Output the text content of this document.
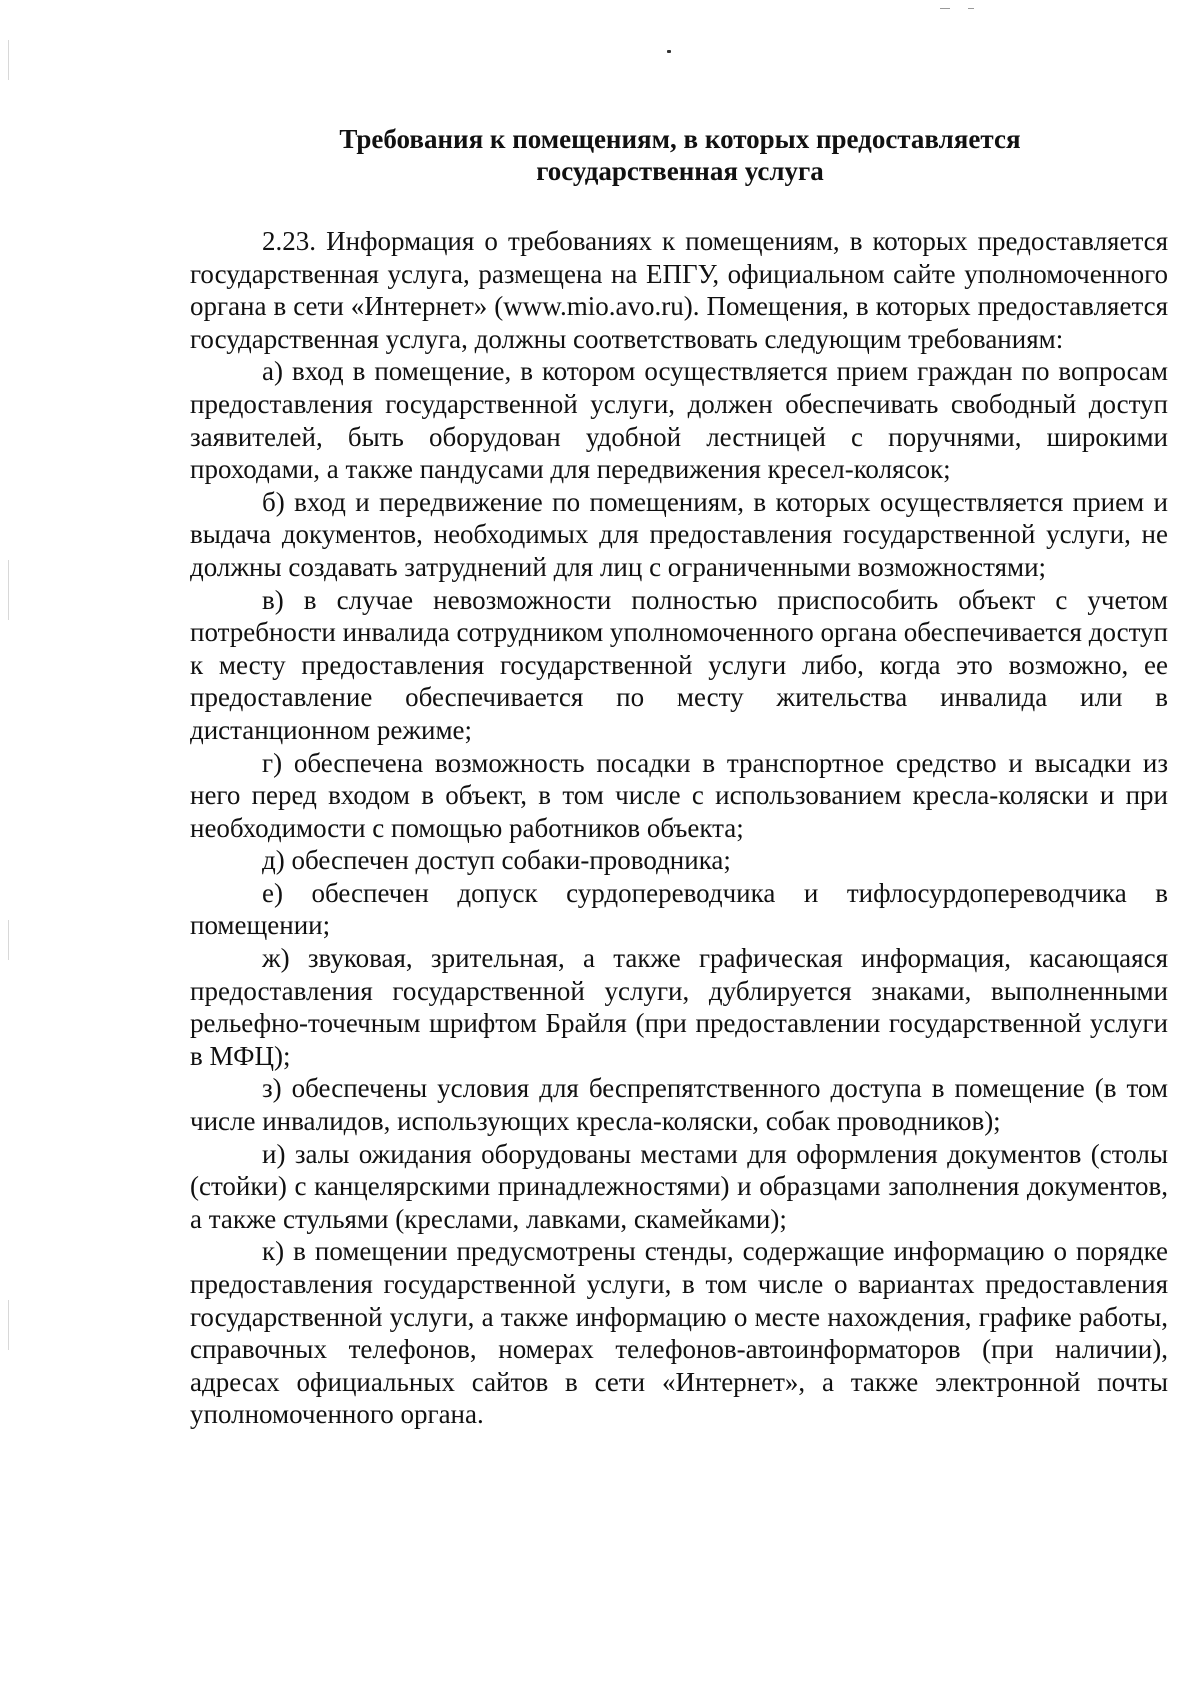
Требования к помещениям, в которых предоставляется
государственная услуга

2.23. Информация о требованиях к помещениям, в которых предоставляется государственная услуга, размещена на ЕПГУ, официальном сайте уполномоченного органа в сети «Интернет» (www.mio.avo.ru). Помещения, в которых предоставляется государственная услуга, должны соответствовать следующим требованиям:

а) вход в помещение, в котором осуществляется прием граждан по вопросам предоставления государственной услуги, должен обеспечивать свободный доступ заявителей, быть оборудован удобной лестницей с поручнями, широкими проходами, а также пандусами для передвижения кресел-колясок;

б) вход и передвижение по помещениям, в которых осуществляется прием и выдача документов, необходимых для предоставления государственной услуги, не должны создавать затруднений для лиц с ограниченными возможностями;

в) в случае невозможности полностью приспособить объект с учетом потребности инвалида сотрудником уполномоченного органа обеспечивается доступ к месту предоставления государственной услуги либо, когда это возможно, ее предоставление обеспечивается по месту жительства инвалида или в дистанционном режиме;

г) обеспечена возможность посадки в транспортное средство и высадки из него перед входом в объект, в том числе с использованием кресла-коляски и при необходимости с помощью работников объекта;

д) обеспечен доступ собаки-проводника;

е) обеспечен допуск сурдопереводчика и тифлосурдопереводчика в помещении;

ж) звуковая, зрительная, а также графическая информация, касающаяся предоставления государственной услуги, дублируется знаками, выполненными рельефно-точечным шрифтом Брайля (при предоставлении государственной услуги в МФЦ);

з) обеспечены условия для беспрепятственного доступа в помещение (в том числе инвалидов, использующих кресла-коляски, собак проводников);

и) залы ожидания оборудованы местами для оформления документов (столы (стойки) с канцелярскими принадлежностями) и образцами заполнения документов, а также стульями (креслами, лавками, скамейками);

к) в помещении предусмотрены стенды, содержащие информацию о порядке предоставления государственной услуги, в том числе о вариантах предоставления государственной услуги, а также информацию о месте нахождения, графике работы, справочных телефонов, номерах телефонов-автоинформаторов (при наличии), адресах официальных сайтов в сети «Интернет», а также электронной почты уполномоченного органа.
